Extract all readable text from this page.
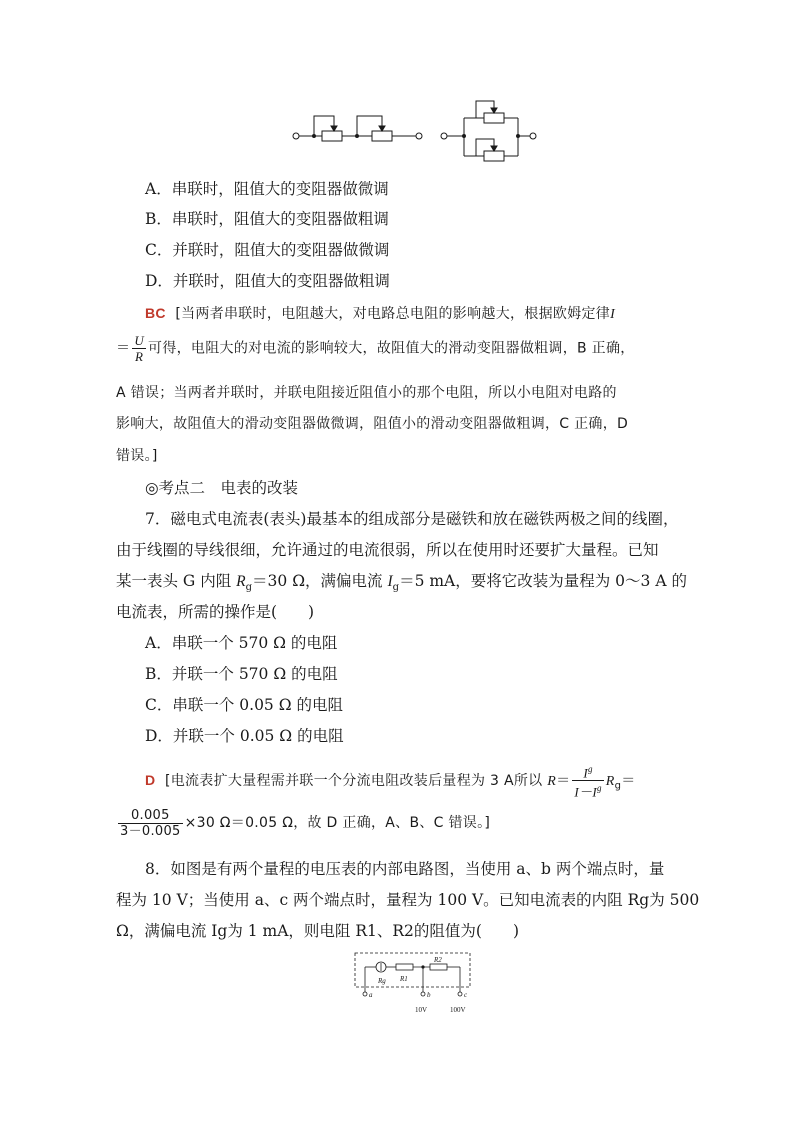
A．串联时，阻值大的变阻器做微调
B．串联时，阻值大的变阻器做粗调
C．并联时，阻值大的变阻器做微调
D．并联时，阻值大的变阻器做粗调
BC [当两者串联时，电阻越大，对电路总电阻的影响越大，根据欧姆定律I
＝ $\frac{U}{R}$ 可得，电阻大的对电流的影响较大，故阻值大的滑动变阻器做粗调，B 正确，
A 错误；当两者并联时，并联电阻接近阻值小的那个电阻，所以小电阻对电路的
影响大，故阻值大的滑动变阻器做微调，阻值小的滑动变阻器做粗调，C 正确，D
错误。]
◎考点二　电表的改装
7．磁电式电流表(表头)最基本的组成部分是磁铁和放在磁铁两极之间的线圈，
由于线圈的导线很细，允许通过的电流很弱，所以在使用时还要扩大量程。已知
某一表头 G 内阻 $R_g=30$ Ω，满偏电流 $I_g=5$ mA，要将它改装为量程为 0～3 A 的
电流表，所需的操作是(　　)
A．串联一个 570 Ω 的电阻
B．并联一个 570 Ω 的电阻
C．串联一个 0.05 Ω 的电阻
D．并联一个 0.05 Ω 的电阻
D [电流表扩大量程需并联一个分流电阻改装后量程为 3 A所以 $R= \frac{I^g}{I-I^g} R_g=$
$\frac{0.005}{3-0.005} \times 30$ Ω＝0.05 Ω，故 D 正确，A、B、C 错误。]
8．如图是有两个量程的电压表的内部电路图，当使用 a、b 两个端点时，量
程为 10 V；当使用 a、c 两个端点时，量程为 100 V。已知电流表的内阻 Rg为 500
Ω，满偏电流 Ig为 1 mA，则电阻 R1、R2的阻值为(　　)
Rg R1
R2
a	b	c
10V	100V
